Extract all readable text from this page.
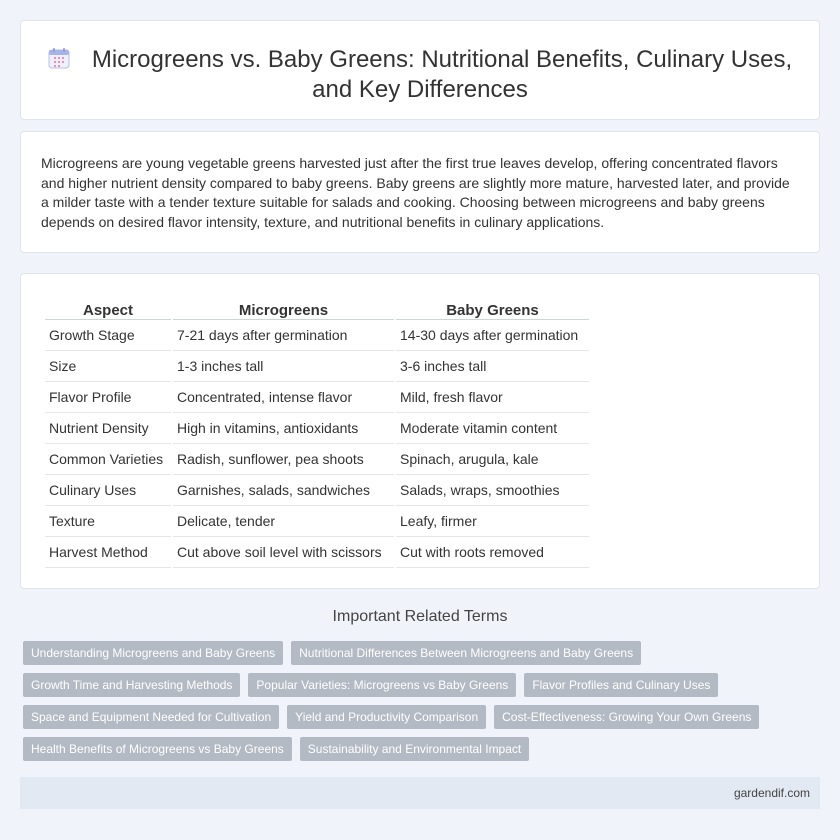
Microgreens vs. Baby Greens: Nutritional Benefits, Culinary Uses,
and Key Differences

Microgreens are young vegetable greens harvested just after the first true leaves develop, offering concentrated flavors and higher nutrient density compared to baby greens. Baby greens are slightly more mature, harvested later, and provide a milder taste with a tender texture suitable for salads and cooking. Choosing between microgreens and baby greens depends on desired flavor intensity, texture, and nutritional benefits in culinary applications.

Aspect	Microgreens	Baby Greens
Growth Stage	7-21 days after germination	14-30 days after germination
Size	1-3 inches tall	3-6 inches tall
Flavor Profile	Concentrated, intense flavor	Mild, fresh flavor
Nutrient Density	High in vitamins, antioxidants	Moderate vitamin content
Common Varieties	Radish, sunflower, pea shoots	Spinach, arugula, kale
Culinary Uses	Garnishes, salads, sandwiches	Salads, wraps, smoothies
Texture	Delicate, tender	Leafy, firmer
Harvest Method	Cut above soil level with scissors	Cut with roots removed
Important Related Terms
Understanding Microgreens and Baby Greens	Nutritional Differences Between Microgreens and Baby Greens
Growth Time and Harvesting Methods	Popular Varieties: Microgreens vs Baby Greens	Flavor Profiles and Culinary Uses
Space and Equipment Needed for Cultivation	Yield and Productivity Comparison	Cost-Effectiveness: Growing Your Own Greens
Health Benefits of Microgreens vs Baby Greens	Sustainability and Environmental Impact
gardendif.com
